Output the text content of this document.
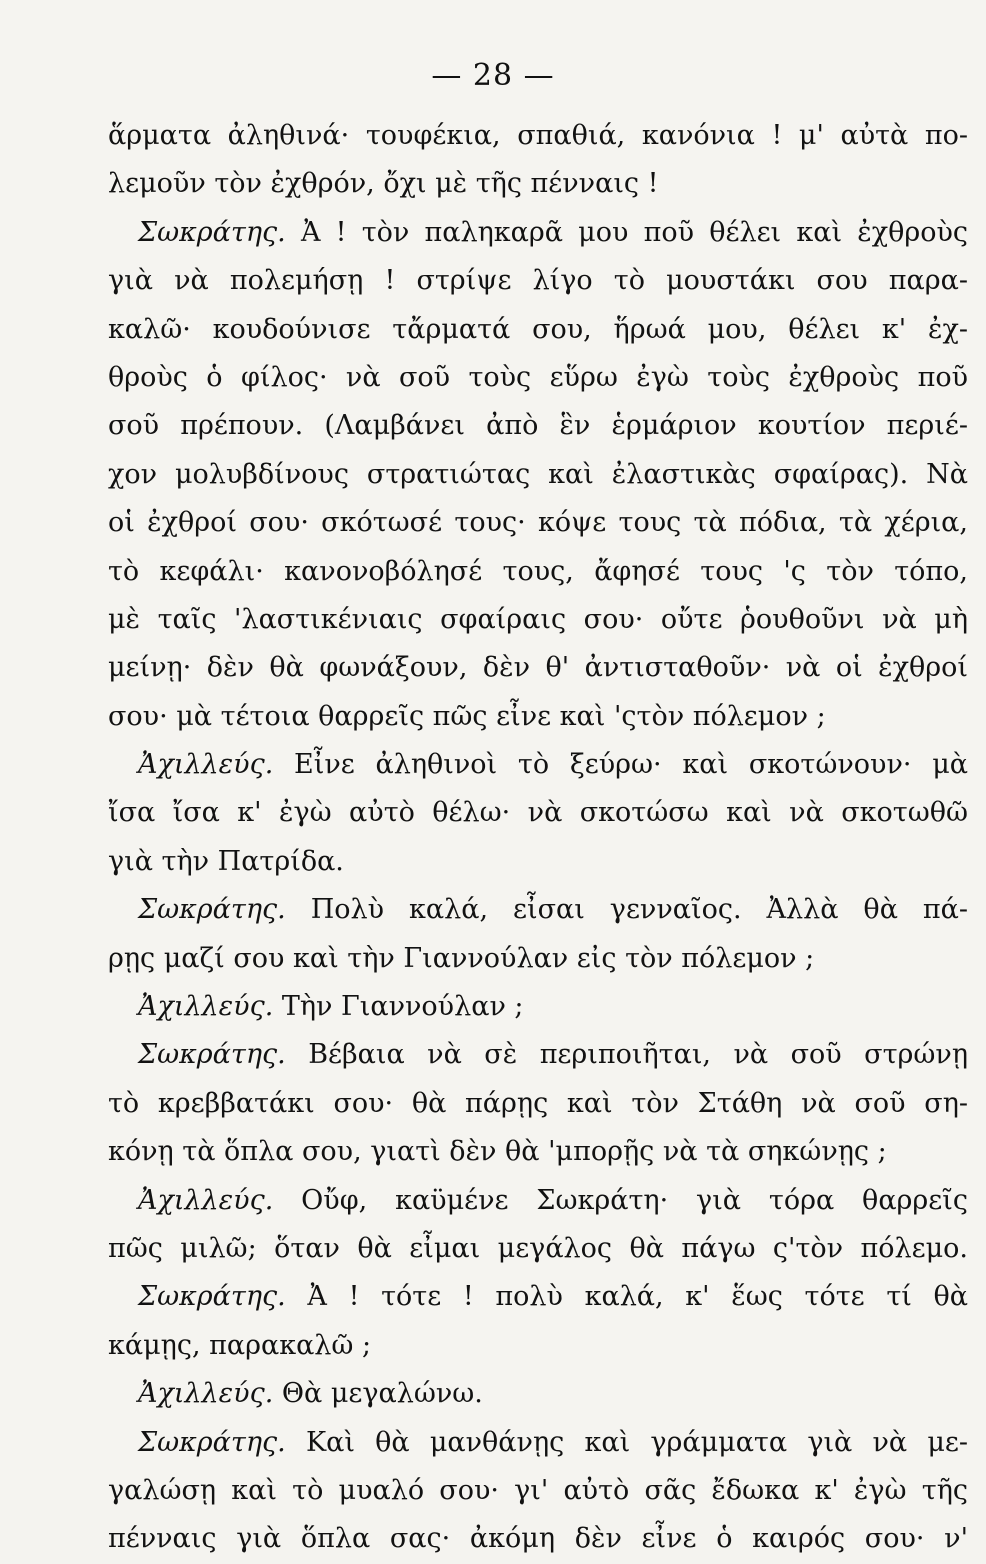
— 28 —
ἅρματα ἀληθινά· τουφέκια, σπαθιά, κανόνια ! μ' αὐτὰ πο-
λεμοῦν τὸν ἐχθρόν, ὄχι μὲ τῆς πένναις !
Σωκράτης. Ἀ ! τὸν παληκαρᾶ μου ποῦ θέλει καὶ ἐχθροὺς
γιὰ νὰ πολεμήσῃ ! στρίψε λίγο τὸ μουστάκι σου παρα-
καλῶ· κουδούνισε τἄρματά σου, ἥρωά μου, θέλει κ' ἐχ-
θροὺς ὁ φίλος· νὰ σοῦ τοὺς εὕρω ἐγὼ τοὺς ἐχθροὺς ποῦ
σοῦ πρέπουν. (Λαμβάνει ἀπὸ ἓν ἑρμάριον κουτίον περιέ-
χον μολυβδίνους στρατιώτας καὶ ἐλαστικὰς σφαίρας). Νὰ
οἱ ἐχθροί σου· σκότωσέ τους· κόψε τους τὰ πόδια, τὰ χέρια,
τὸ κεφάλι· κανονοβόλησέ τους, ἄφησέ τους 'ς τὸν τόπο,
μὲ ταῖς 'λαστικένιαις σφαίραις σου· οὔτε ῥουθοῦνι νὰ μὴ
μείνῃ· δὲν θὰ φωνάξουν, δὲν θ' ἀντισταθοῦν· νὰ οἱ ἐχθροί
σου· μὰ τέτοια θαρρεῖς πῶς εἶνε καὶ 'ςτὸν πόλεμον ;
Ἀχιλλεύς. Εἶνε ἀληθινοὶ τὸ ξεύρω· καὶ σκοτώνουν· μὰ
ἴσα ἴσα κ' ἐγὼ αὐτὸ θέλω· νὰ σκοτώσω καὶ νὰ σκοτωθῶ
γιὰ τὴν Πατρίδα.
Σωκράτης. Πολὺ καλά, εἶσαι γενναῖος. Ἀλλὰ θὰ πά-
ρῃς μαζί σου καὶ τὴν Γιαννούλαν εἰς τὸν πόλεμον ;
Ἀχιλλεύς. Τὴν Γιαννούλαν ;
Σωκράτης. Βέβαια νὰ σὲ περιποιῆται, νὰ σοῦ στρώνῃ
τὸ κρεββατάκι σου· θὰ πάρῃς καὶ τὸν Στάθη νὰ σοῦ ση-
κόνῃ τὰ ὅπλα σου, γιατὶ δὲν θὰ 'μπορῇς νὰ τὰ σηκώνῃς ;
Ἀχιλλεύς. Οὔφ, καϋμένε Σωκράτη· γιὰ τόρα θαρρεῖς
πῶς μιλῶ; ὅταν θὰ εἶμαι μεγάλος θὰ πάγω ς'τὸν πόλεμο.
Σωκράτης. Ἀ ! τότε ! πολὺ καλά, κ' ἕως τότε τί θὰ
κάμῃς, παρακαλῶ ;
Ἀχιλλεύς. Θὰ μεγαλώνω.
Σωκράτης. Καὶ θὰ μανθάνῃς καὶ γράμματα γιὰ νὰ με-
γαλώσῃ καὶ τὸ μυαλό σου· γι' αὐτὸ σᾶς ἔδωκα κ' ἐγὼ τῆς
πένναις γιὰ ὅπλα σας· ἀκόμη δὲν εἶνε ὁ καιρός σου· ν'
